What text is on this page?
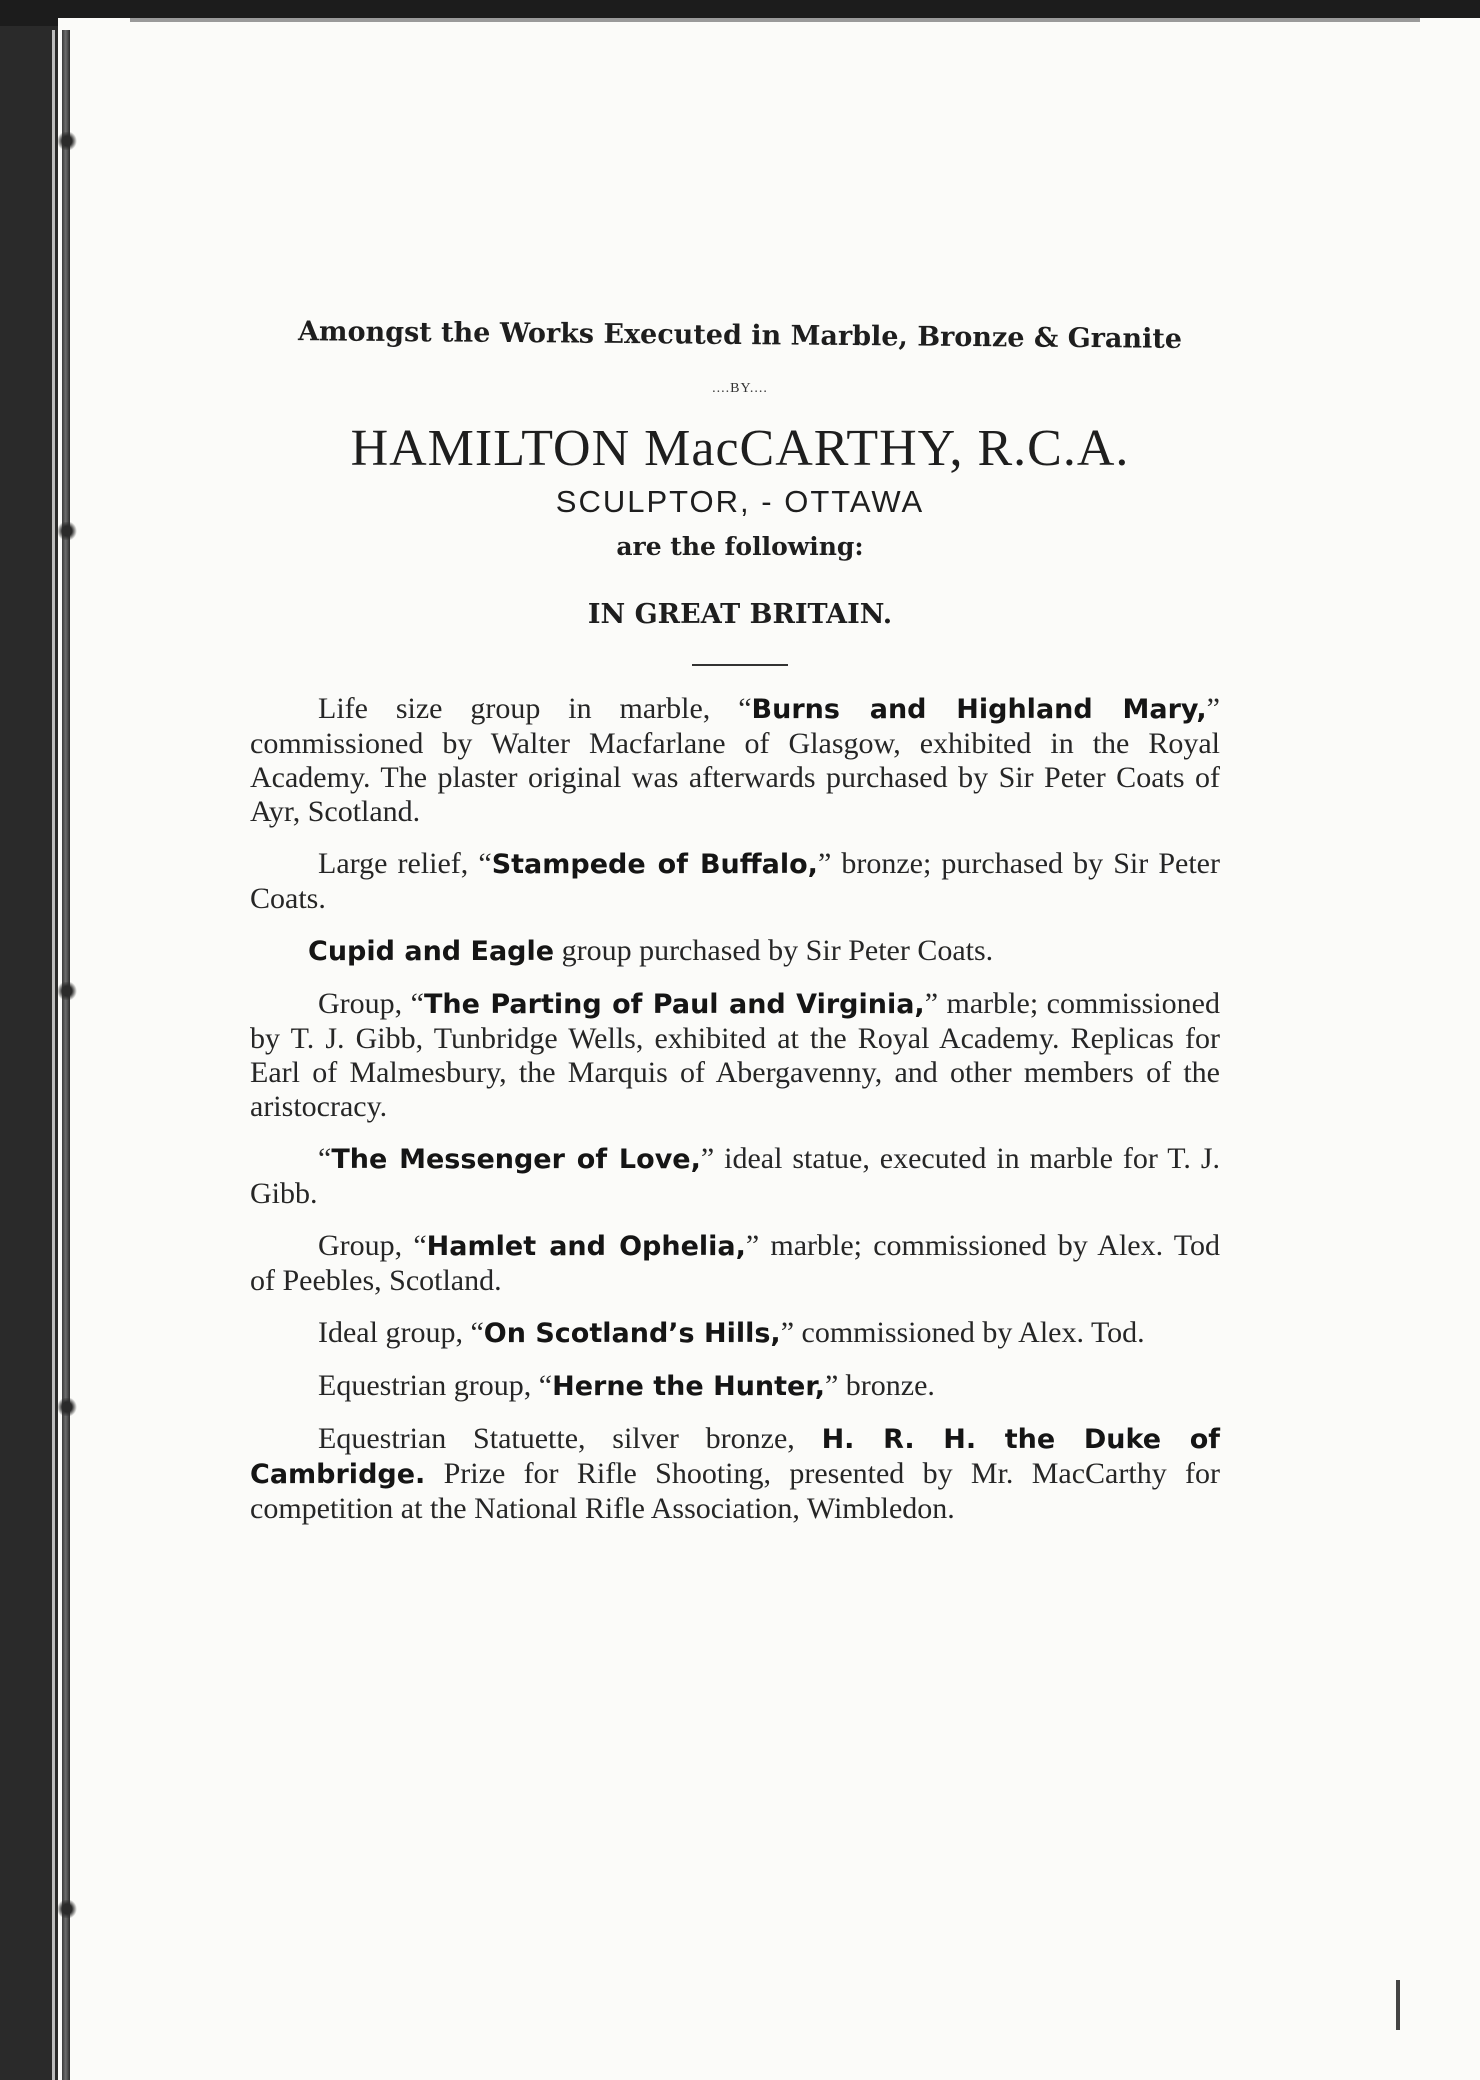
Amongst the Works Executed in Marble, Bronze & Granite
....BY....
HAMILTON MacCARTHY, R.C.A.
SCULPTOR, - OTTAWA
are the following:
IN GREAT BRITAIN.

Life size group in marble, “Burns and Highland Mary,” commissioned by Walter Macfarlane of Glasgow, exhibited in the Royal Academy. The plaster original was afterwards purchased by Sir Peter Coats of Ayr, Scotland.

Large relief, “Stampede of Buffalo,” bronze; purchased by Sir Peter Coats.

Cupid and Eagle group purchased by Sir Peter Coats.

Group, “The Parting of Paul and Virginia,” marble; commissioned by T. J. Gibb, Tunbridge Wells, exhibited at the Royal Academy. Replicas for Earl of Malmesbury, the Marquis of Abergavenny, and other members of the aristocracy.

“The Messenger of Love,” ideal statue, executed in marble for T. J. Gibb.

Group, “Hamlet and Ophelia,” marble; commissioned by Alex. Tod of Peebles, Scotland.

Ideal group, “On Scotland’s Hills,” commissioned by Alex. Tod.

Equestrian group, “Herne the Hunter,” bronze.

Equestrian Statuette, silver bronze, H. R. H. the Duke of Cambridge. Prize for Rifle Shooting, presented by Mr. MacCarthy for competition at the National Rifle Association, Wimbledon.
